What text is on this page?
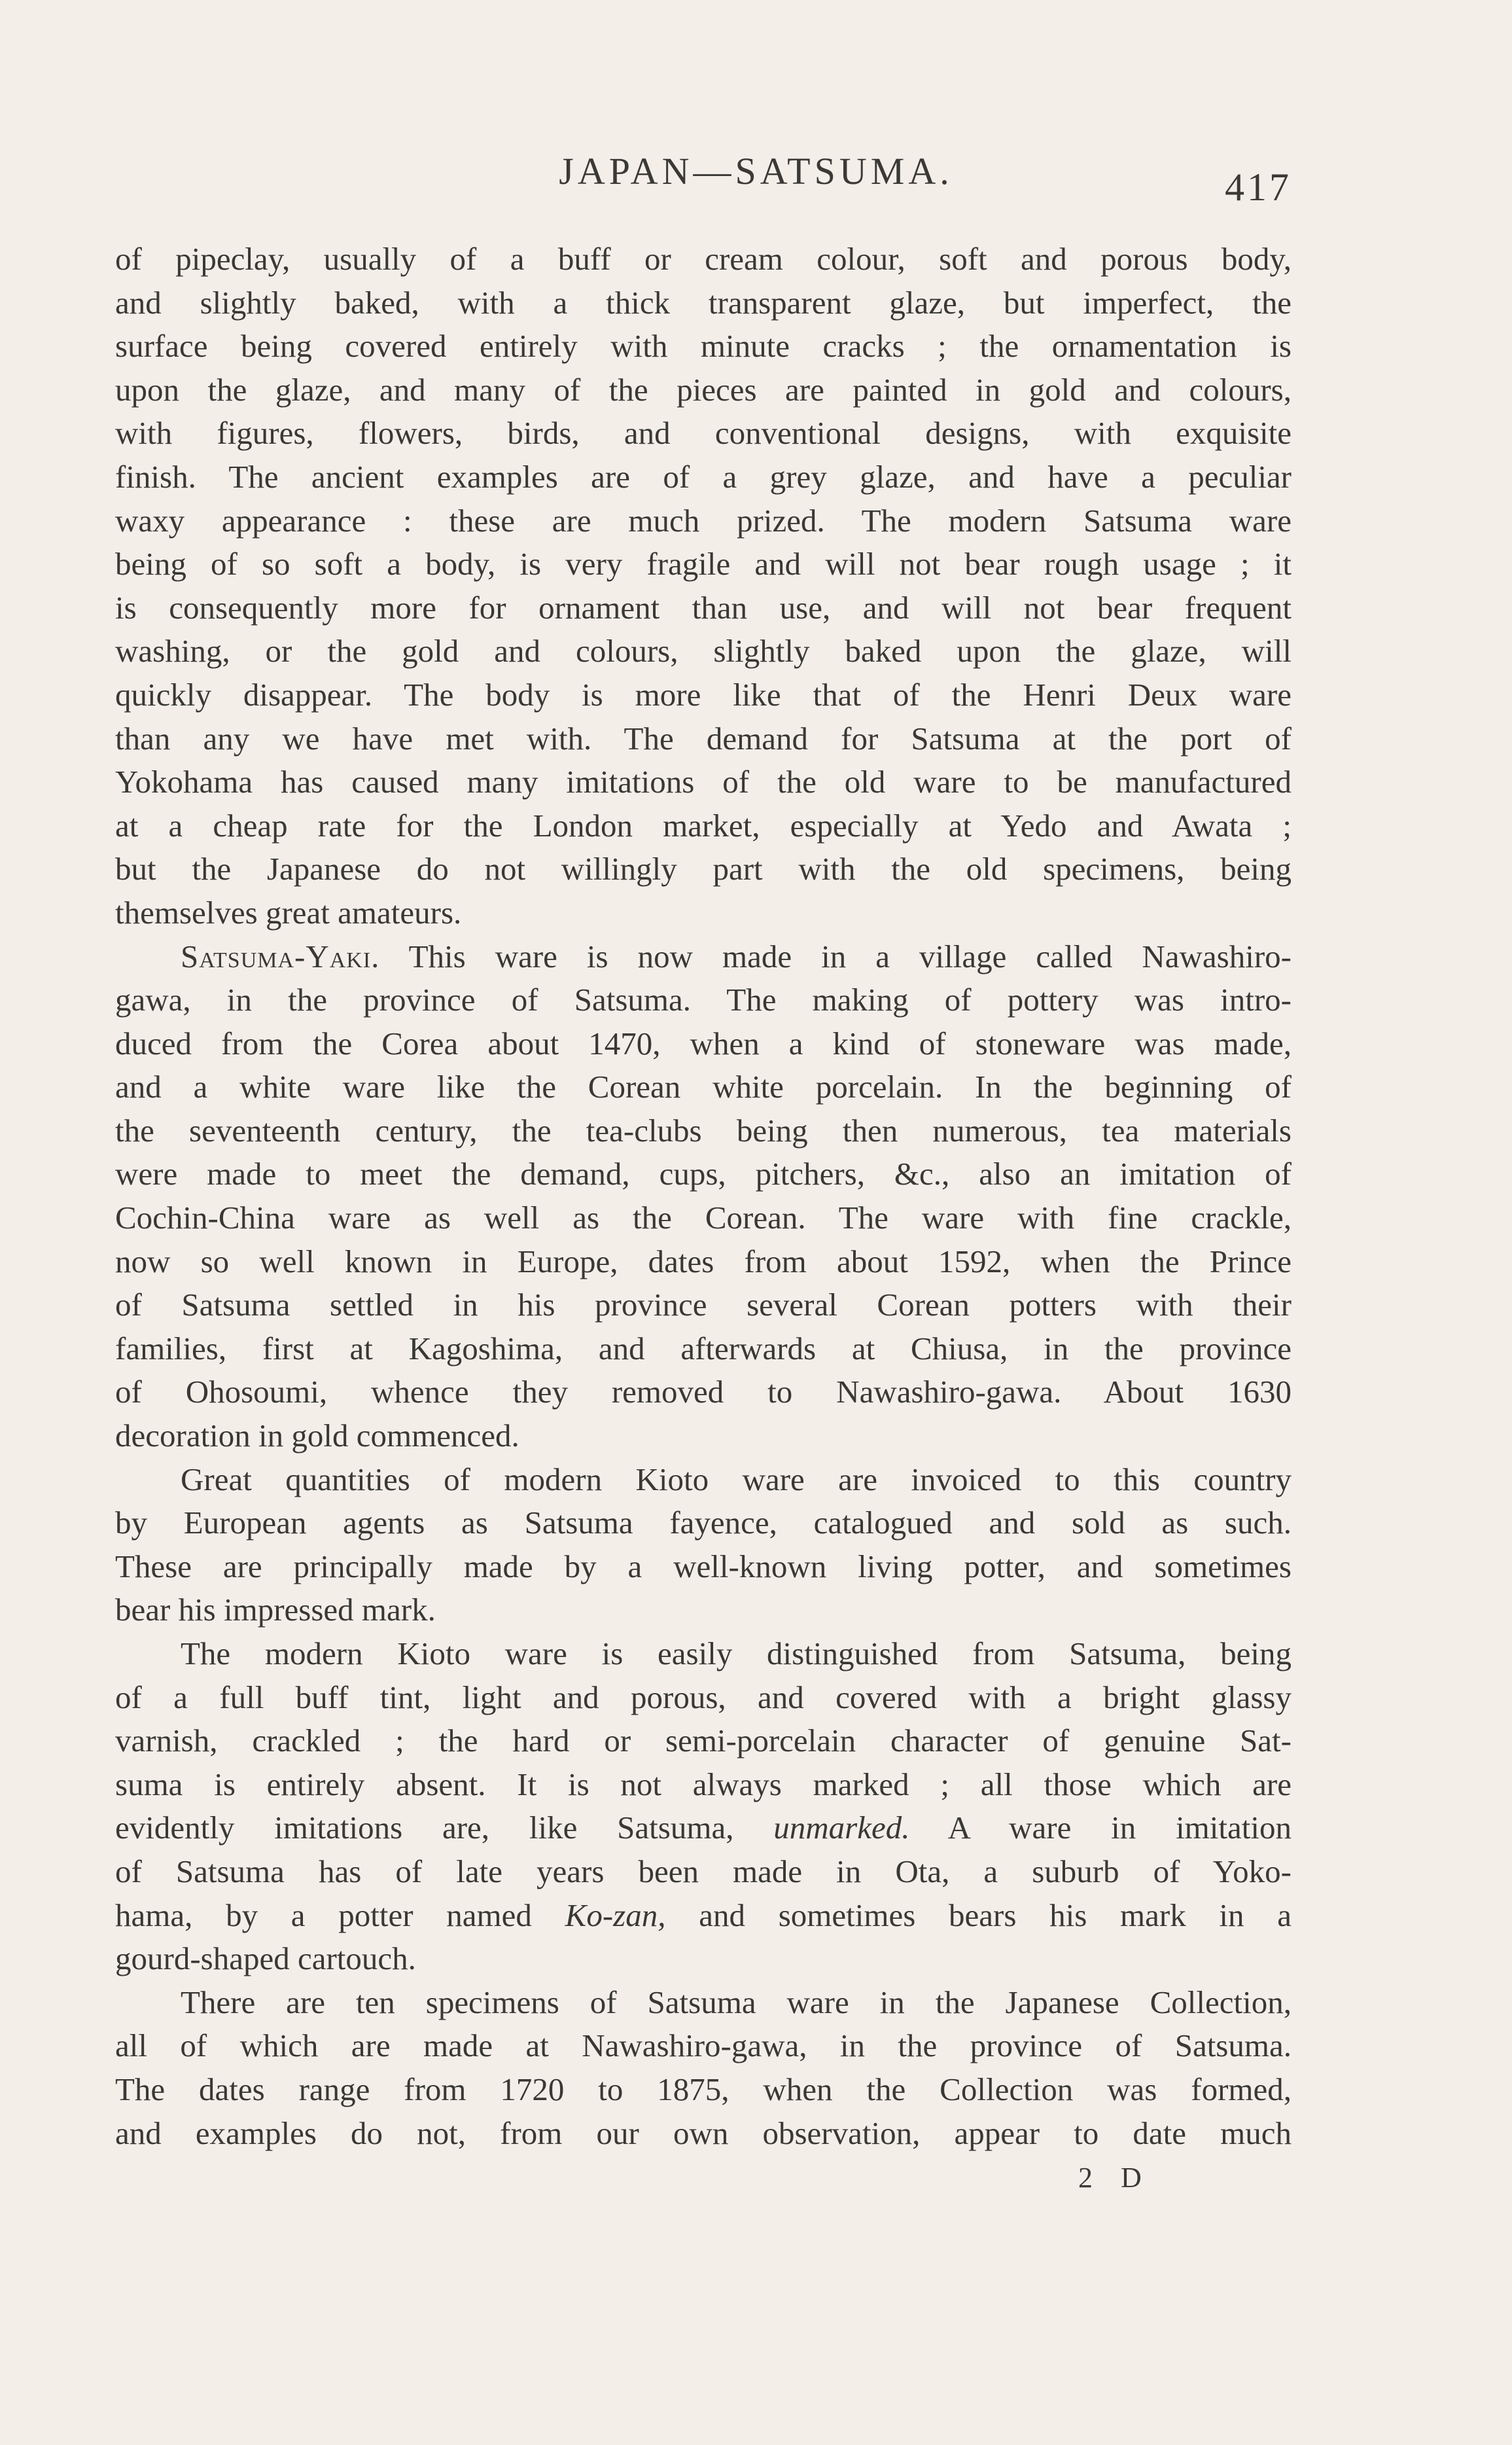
JAPAN—SATSUMA.	417
of pipeclay, usually of a buff or cream colour, soft and porous body,
and slightly baked, with a thick transparent glaze, but imperfect, the
surface being covered entirely with minute cracks ; the ornamentation is
upon the glaze, and many of the pieces are painted in gold and colours,
with figures, flowers, birds, and conventional designs, with exquisite
finish. The ancient examples are of a grey glaze, and have a peculiar
waxy appearance : these are much prized. The modern Satsuma ware
being of so soft a body, is very fragile and will not bear rough usage ; it
is consequently more for ornament than use, and will not bear frequent
washing, or the gold and colours, slightly baked upon the glaze, will
quickly disappear. The body is more like that of the Henri Deux ware
than any we have met with. The demand for Satsuma at the port of
Yokohama has caused many imitations of the old ware to be manufactured
at a cheap rate for the London market, especially at Yedo and Awata ;
but the Japanese do not willingly part with the old specimens, being
themselves great amateurs.
Satsuma-Yaki. This ware is now made in a village called Nawashiro-
gawa, in the province of Satsuma. The making of pottery was intro-
duced from the Corea about 1470, when a kind of stoneware was made,
and a white ware like the Corean white porcelain. In the beginning of
the seventeenth century, the tea-clubs being then numerous, tea materials
were made to meet the demand, cups, pitchers, &c., also an imitation of
Cochin-China ware as well as the Corean. The ware with fine crackle,
now so well known in Europe, dates from about 1592, when the Prince
of Satsuma settled in his province several Corean potters with their
families, first at Kagoshima, and afterwards at Chiusa, in the province
of Ohosoumi, whence they removed to Nawashiro-gawa. About 1630
decoration in gold commenced.
Great quantities of modern Kioto ware are invoiced to this country
by European agents as Satsuma fayence, catalogued and sold as such.
These are principally made by a well-known living potter, and sometimes
bear his impressed mark.
The modern Kioto ware is easily distinguished from Satsuma, being
of a full buff tint, light and porous, and covered with a bright glassy
varnish, crackled ; the hard or semi-porcelain character of genuine Sat-
suma is entirely absent. It is not always marked ; all those which are
evidently imitations are, like Satsuma, unmarked. A ware in imitation
of Satsuma has of late years been made in Ota, a suburb of Yoko-
hama, by a potter named Ko-zan, and sometimes bears his mark in a
gourd-shaped cartouch.
There are ten specimens of Satsuma ware in the Japanese Collection,
all of which are made at Nawashiro-gawa, in the province of Satsuma.
The dates range from 1720 to 1875, when the Collection was formed,
and examples do not, from our own observation, appear to date much
2 D
